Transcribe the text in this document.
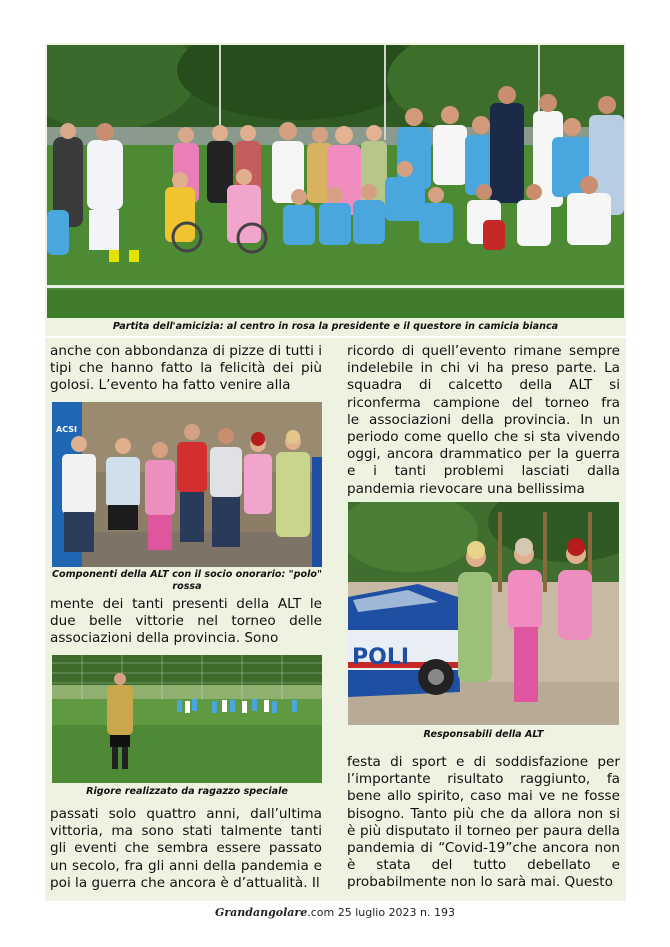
Partita dell'amicizia: al centro in rosa la presidente e il questore in camicia bianca
anche con abbondanza di pizze di tutti i
tipi che hanno fatto la felicità dei più
golosi. L’evento ha fatto venire alla
ACSI
Componenti della ALT con il socio onorario: "polo"
rossa
mente dei tanti presenti della ALT le
due belle vittorie nel torneo delle
associazioni della provincia. Sono
Rigore realizzato da ragazzo speciale
passati solo quattro anni, dall’ultima
vittoria, ma sono stati talmente tanti
gli eventi che sembra essere passato
un secolo, fra gli anni della pandemia e
poi la guerra che ancora è d’attualità. Il
ricordo di quell’evento rimane sempre
indelebile in chi vi ha preso parte. La
squadra di calcetto della ALT si
riconferma campione del torneo fra
le associazioni della provincia. In un
periodo come quello che si sta vivendo
oggi, ancora drammatico per la guerra
e i tanti problemi lasciati dalla
pandemia rievocare una bellissima
POLI
Responsabili della ALT
festa di sport e di soddisfazione per
l’importante risultato raggiunto, fa
bene allo spirito, caso mai ve ne fosse
bisogno. Tanto più che da allora non si
è più disputato il torneo per paura della
pandemia di “Covid-19”che ancora non
è stata del tutto debellato e
probabilmente non lo sarà mai. Questo
Grandangolare.com 25 luglio 2023 n. 193
